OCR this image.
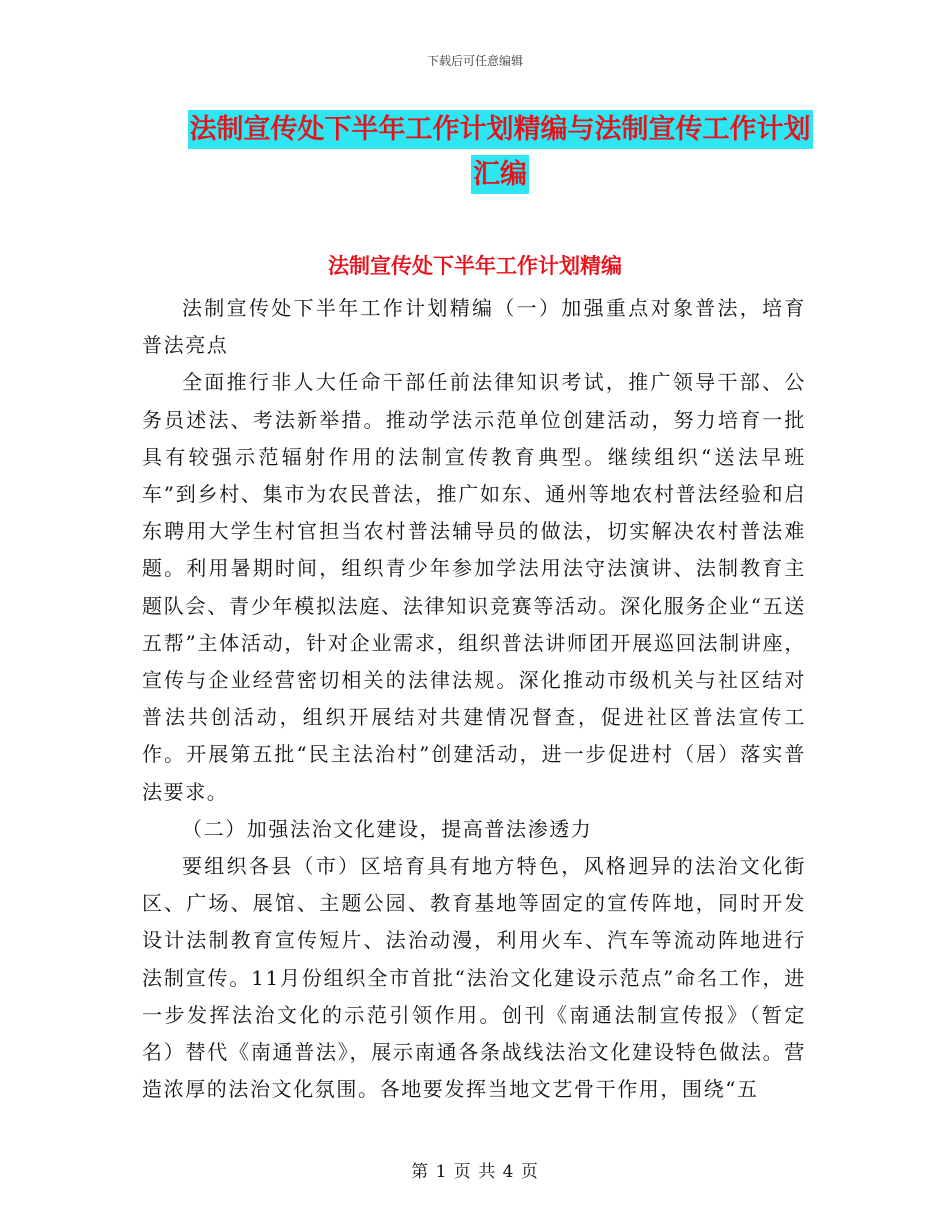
下载后可任意编辑
法制宣传处下半年工作计划精编与法制宣传工作计划
汇编
法制宣传处下半年工作计划精编

法制宣传处下半年工作计划精编（一）加强重点对象普法，培育普法亮点

全面推行非人大任命干部任前法律知识考试，推广领导干部、公务员述法、考法新举措。推动学法示范单位创建活动，努力培育一批具有较强示范辐射作用的法制宣传教育典型。继续组织“送法早班车”到乡村、集市为农民普法，推广如东、通州等地农村普法经验和启东聘用大学生村官担当农村普法辅导员的做法，切实解决农村普法难题。利用暑期时间，组织青少年参加学法用法守法演讲、法制教育主题队会、青少年模拟法庭、法律知识竞赛等活动。深化服务企业“五送五帮”主体活动，针对企业需求，组织普法讲师团开展巡回法制讲座，宣传与企业经营密切相关的法律法规。深化推动市级机关与社区结对普法共创活动，组织开展结对共建情况督查，促进社区普法宣传工作。开展第五批“民主法治村”创建活动，进一步促进村（居）落实普法要求。

（二）加强法治文化建设，提高普法渗透力

要组织各县（市）区培育具有地方特色，风格迥异的法治文化街区、广场、展馆、主题公园、教育基地等固定的宣传阵地，同时开发设计法制教育宣传短片、法治动漫，利用火车、汽车等流动阵地进行法制宣传。11月份组织全市首批“法治文化建设示范点”命名工作，进一步发挥法治文化的示范引领作用。创刊《南通法制宣传报》（暂定名）替代《南通普法》，展示南通各条战线法治文化建设特色做法。营造浓厚的法治文化氛围。各地要发挥当地文艺骨干作用，围绕“五

第 1 页 共 4 页
